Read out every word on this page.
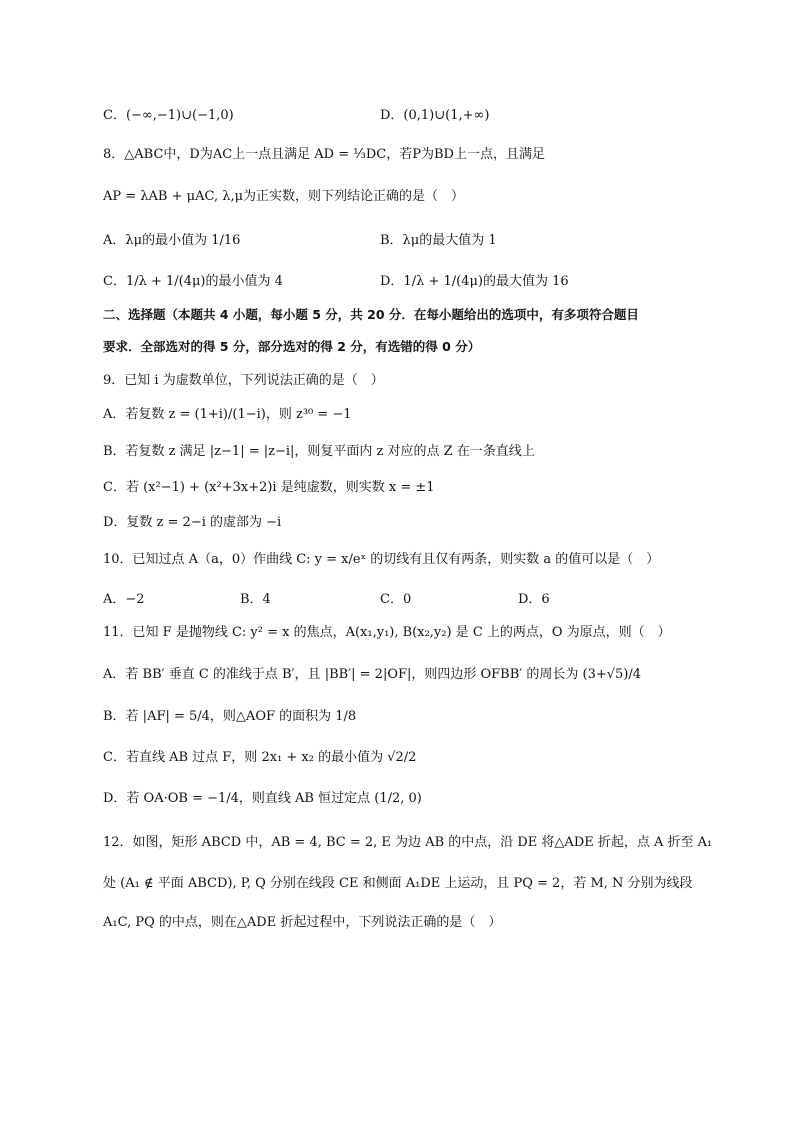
C．(−∞,−1)∪(−1,0)	D．(0,1)∪(1,+∞)
8．△ABC中，D为AC上一点且满足 AD = ⅓DC，若P为BD上一点，且满足
AP = λAB + μAC, λ,μ为正实数，则下列结论正确的是（　）
A．λμ的最小值为 1/16	B．λμ的最大值为 1
C．1/λ + 1/(4μ)的最小值为 4	D．1/λ + 1/(4μ)的最大值为 16
二、选择题（本题共 4 小题，每小题 5 分，共 20 分．在每小题给出的选项中，有多项符合题目
要求．全部选对的得 5 分，部分选对的得 2 分，有选错的得 0 分）
9．已知 i 为虚数单位，下列说法正确的是（　）
A．若复数 z = (1+i)/(1−i)，则 z³⁰ = −1
B．若复数 z 满足 |z−1| = |z−i|，则复平面内 z 对应的点 Z 在一条直线上
C．若 (x²−1) + (x²+3x+2)i 是纯虚数，则实数 x = ±1
D．复数 z = 2−i 的虚部为 −i
10．已知过点 A（a，0）作曲线 C: y = x/eˣ 的切线有且仅有两条，则实数 a 的值可以是（　）
A．−2	B．4	C．0	D．6
11．已知 F 是抛物线 C: y² = x 的焦点，A(x₁,y₁), B(x₂,y₂) 是 C 上的两点，O 为原点，则（　）
A．若 BB′ 垂直 C 的准线于点 B′，且 |BB′| = 2|OF|，则四边形 OFBB′ 的周长为 (3+√5)/4
B．若 |AF| = 5/4，则△AOF 的面积为 1/8
C．若直线 AB 过点 F，则 2x₁ + x₂ 的最小值为 √2/2
D．若 OA·OB = −1/4，则直线 AB 恒过定点 (1/2, 0)
12．如图，矩形 ABCD 中，AB = 4, BC = 2, E 为边 AB 的中点，沿 DE 将△ADE 折起，点 A 折至 A₁
处 (A₁ ∉ 平面 ABCD), P, Q 分别在线段 CE 和侧面 A₁DE 上运动，且 PQ = 2，若 M, N 分别为线段
A₁C, PQ 的中点，则在△ADE 折起过程中，下列说法正确的是（　）
